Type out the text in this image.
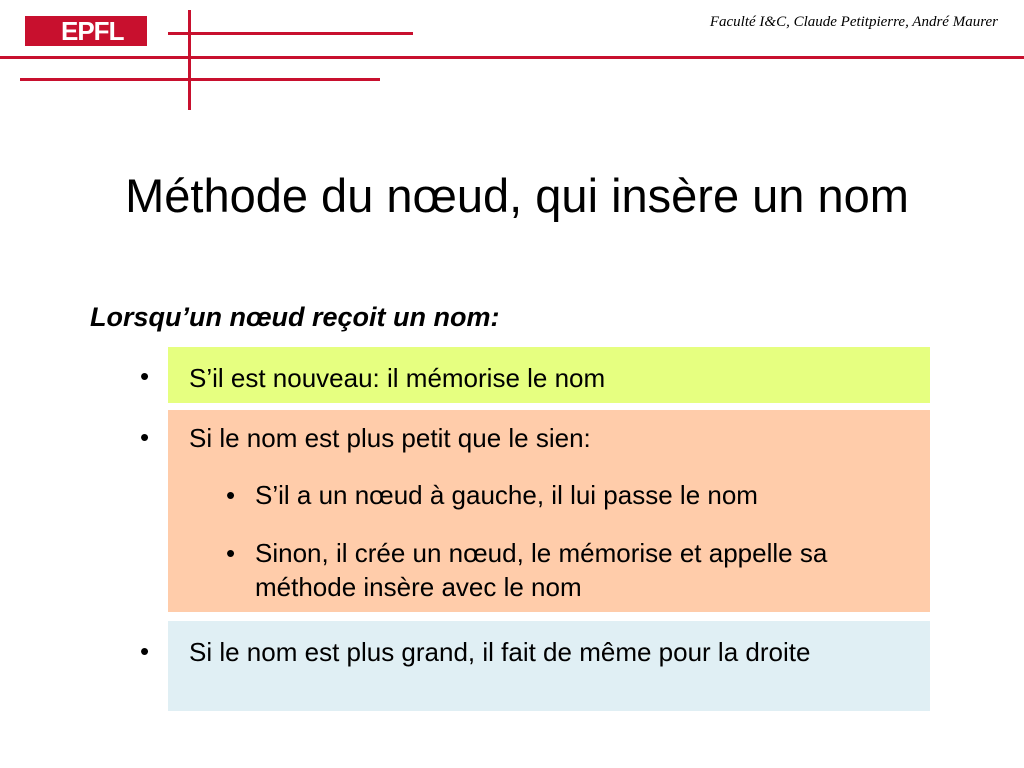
EPFL	Faculté I&C, Claude Petitpierre, André Maurer
Méthode du nœud, qui insère un nom
Lorsqu’un nœud reçoit un nom:
• S’il est nouveau: il mémorise le nom
• Si le nom est plus petit que le sien:
• S’il a un nœud à gauche, il lui passe le nom
• Sinon, il crée un nœud, le mémorise et appelle sa méthode insère avec le nom
• Si le nom est plus grand, il fait de même pour la droite
